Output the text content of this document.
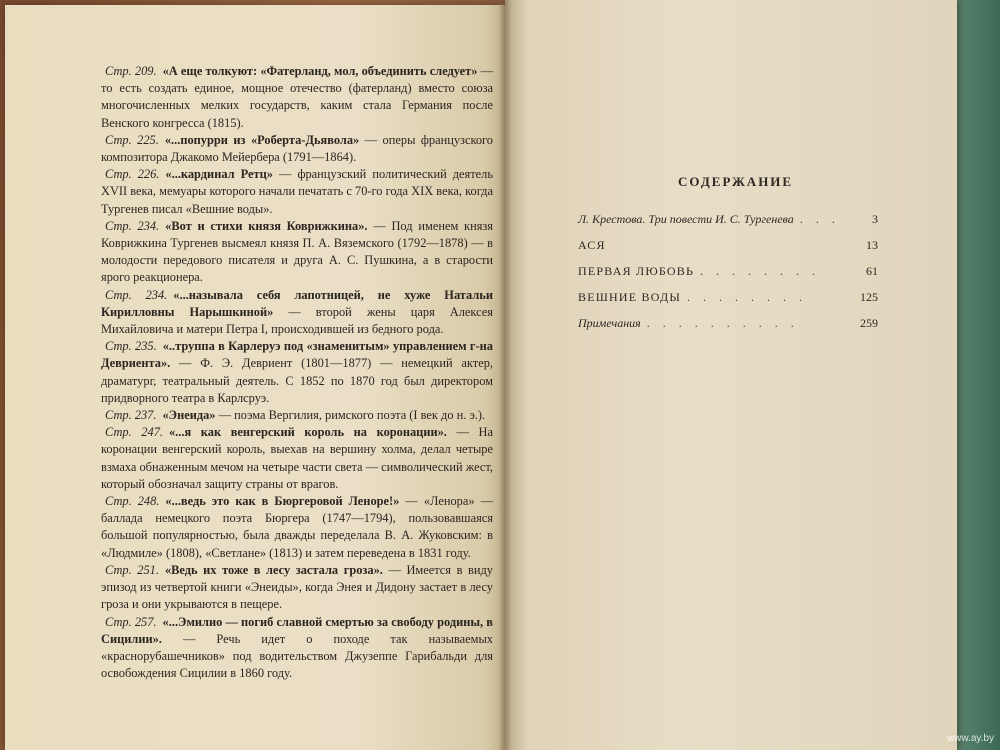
Стр. 209. «А еще толкуют: «Фатерланд, мол, объединить следует» — то есть создать единое, мощное отечество (фатерланд) вместо союза многочисленных мелких государств, каким стала Германия после Венского конгресса (1815).

Стр. 225. «...попурри из «Роберта-Дьявола» — оперы французского композитора Джакомо Мейербера (1791—1864).

Стр. 226. «...кардинал Ретц» — французский политический деятель XVII века, мемуары которого начали печатать с 70-го года XIX века, когда Тургенев писал «Вешние воды».

Стр. 234. «Вот и стихи князя Коврижкина». — Под именем князя Коврижкина Тургенев высмеял князя П. А. Вяземского (1792—1878) — в молодости передового писателя и друга А. С. Пушкина, а в старости ярого реакционера.

Стр. 234. «...называла себя лапотницей, не хуже Натальи Кирилловны Нарышкиной» — второй жены царя Алексея Михайловича и матери Петра I, происходившей из бедного рода.

Стр. 235. «..труппа в Карлеруэ под «знаменитым» управлением г-на Девриента». — Ф. Э. Девриент (1801—1877) — немецкий актер, драматург, театральный деятель. С 1852 по 1870 год был директором придворного театра в Карлсруэ.

Стр. 237. «Энеида» — поэма Вергилия, римского поэта (I век до н. э.).

Стр. 247. «...я как венгерский король на коронации». — На коронации венгерский король, выехав на вершину холма, делал четыре взмаха обнаженным мечом на четыре части света — символический жест, который обозначал защиту страны от врагов.

Стр. 248. «...ведь это как в Бюргеровой Леноре!» — «Ленора» — баллада немецкого поэта Бюргера (1747—1794), пользовавшаяся большой популярностью, была дважды переделала В. А. Жуковским: в «Людмиле» (1808), «Светлане» (1813) и затем переведена в 1831 году.

Стр. 251. «Ведь их тоже в лесу застала гроза». — Имеется в виду эпизод из четвертой книги «Энеиды», когда Энея и Дидону застает в лесу гроза и они укрываются в пещере.

Стр. 257. «...Эмилио — погиб славной смертью за свободу родины, в Сицилии». — Речь идет о походе так называемых «краснорубашечников» под водительством Джузеппе Гарибальди для освобождения Сицилии в 1860 году.

СОДЕРЖАНИЕ
Л. Крестова. Три повести И. С. Тургенева . . .	3
АСЯ	13
ПЕРВАЯ ЛЮБОВЬ . . . . . . . .	61
ВЕШНИЕ ВОДЫ . . . . . . . .	125
Примечания . . . . . . . . . .	259
www.ay.by
